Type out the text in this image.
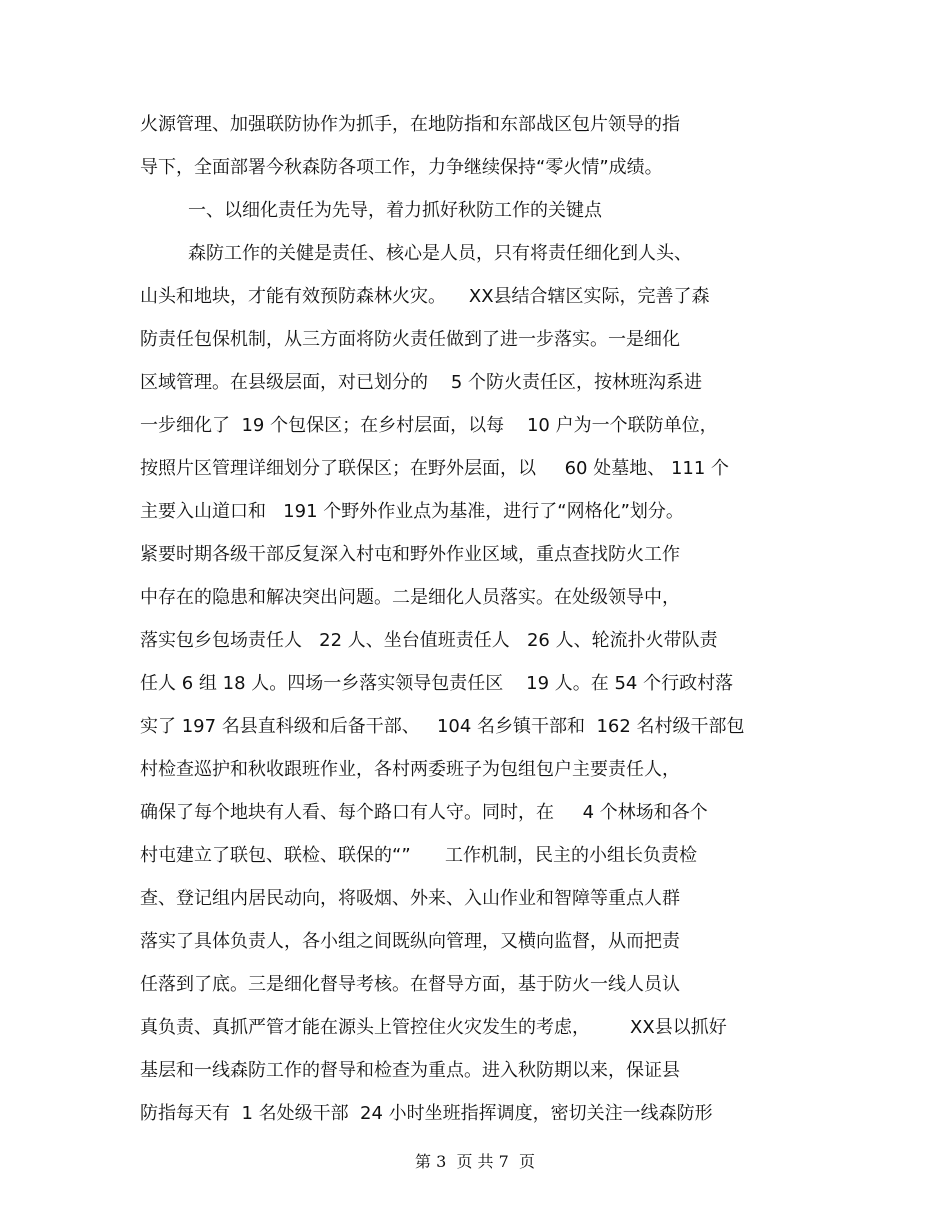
火源管理、加强联防协作为抓手，在地防指和东部战区包片领导的指
导下，全面部署今秋森防各项工作，力争继续保持“零火情”成绩。
一、以细化责任为先导，着力抓好秋防工作的关键点
森防工作的关健是责任、核心是人员，只有将责任细化到人头、
山头和地块，才能有效预防森林火灾。    XX县结合辖区实际，完善了森
防责任包保机制，从三方面将防火责任做到了进一步落实。一是细化
区域管理。在县级层面，对已划分的    5 个防火责任区，按林班沟系进
一步细化了  19 个包保区；在乡村层面，以每    10 户为一个联防单位，
按照片区管理详细划分了联保区；在野外层面，以     60 处墓地、 111 个
主要入山道口和   191 个野外作业点为基准，进行了“网格化”划分。
紧要时期各级干部反复深入村屯和野外作业区域，重点查找防火工作
中存在的隐患和解决突出问题。二是细化人员落实。在处级领导中，
落实包乡包场责任人   22 人、坐台值班责任人   26 人、轮流扑火带队责
任人 6 组 18 人。四场一乡落实领导包责任区    19 人。在 54 个行政村落
实了 197 名县直科级和后备干部、   104 名乡镇干部和  162 名村级干部包
村检查巡护和秋收跟班作业，各村两委班子为包组包户主要责任人，
确保了每个地块有人看、每个路口有人守。同时，在     4 个林场和各个
村屯建立了联包、联检、联保的“”      工作机制，民主的小组长负责检
查、登记组内居民动向，将吸烟、外来、入山作业和智障等重点人群
落实了具体负责人，各小组之间既纵向管理，又横向监督，从而把责
任落到了底。三是细化督导考核。在督导方面，基于防火一线人员认
真负责、真抓严管才能在源头上管控住火灾发生的考虑，       XX县以抓好
基层和一线森防工作的督导和检查为重点。进入秋防期以来，保证县
防指每天有  1 名处级干部  24 小时坐班指挥调度，密切关注一线森防形
第 3  页 共 7  页
